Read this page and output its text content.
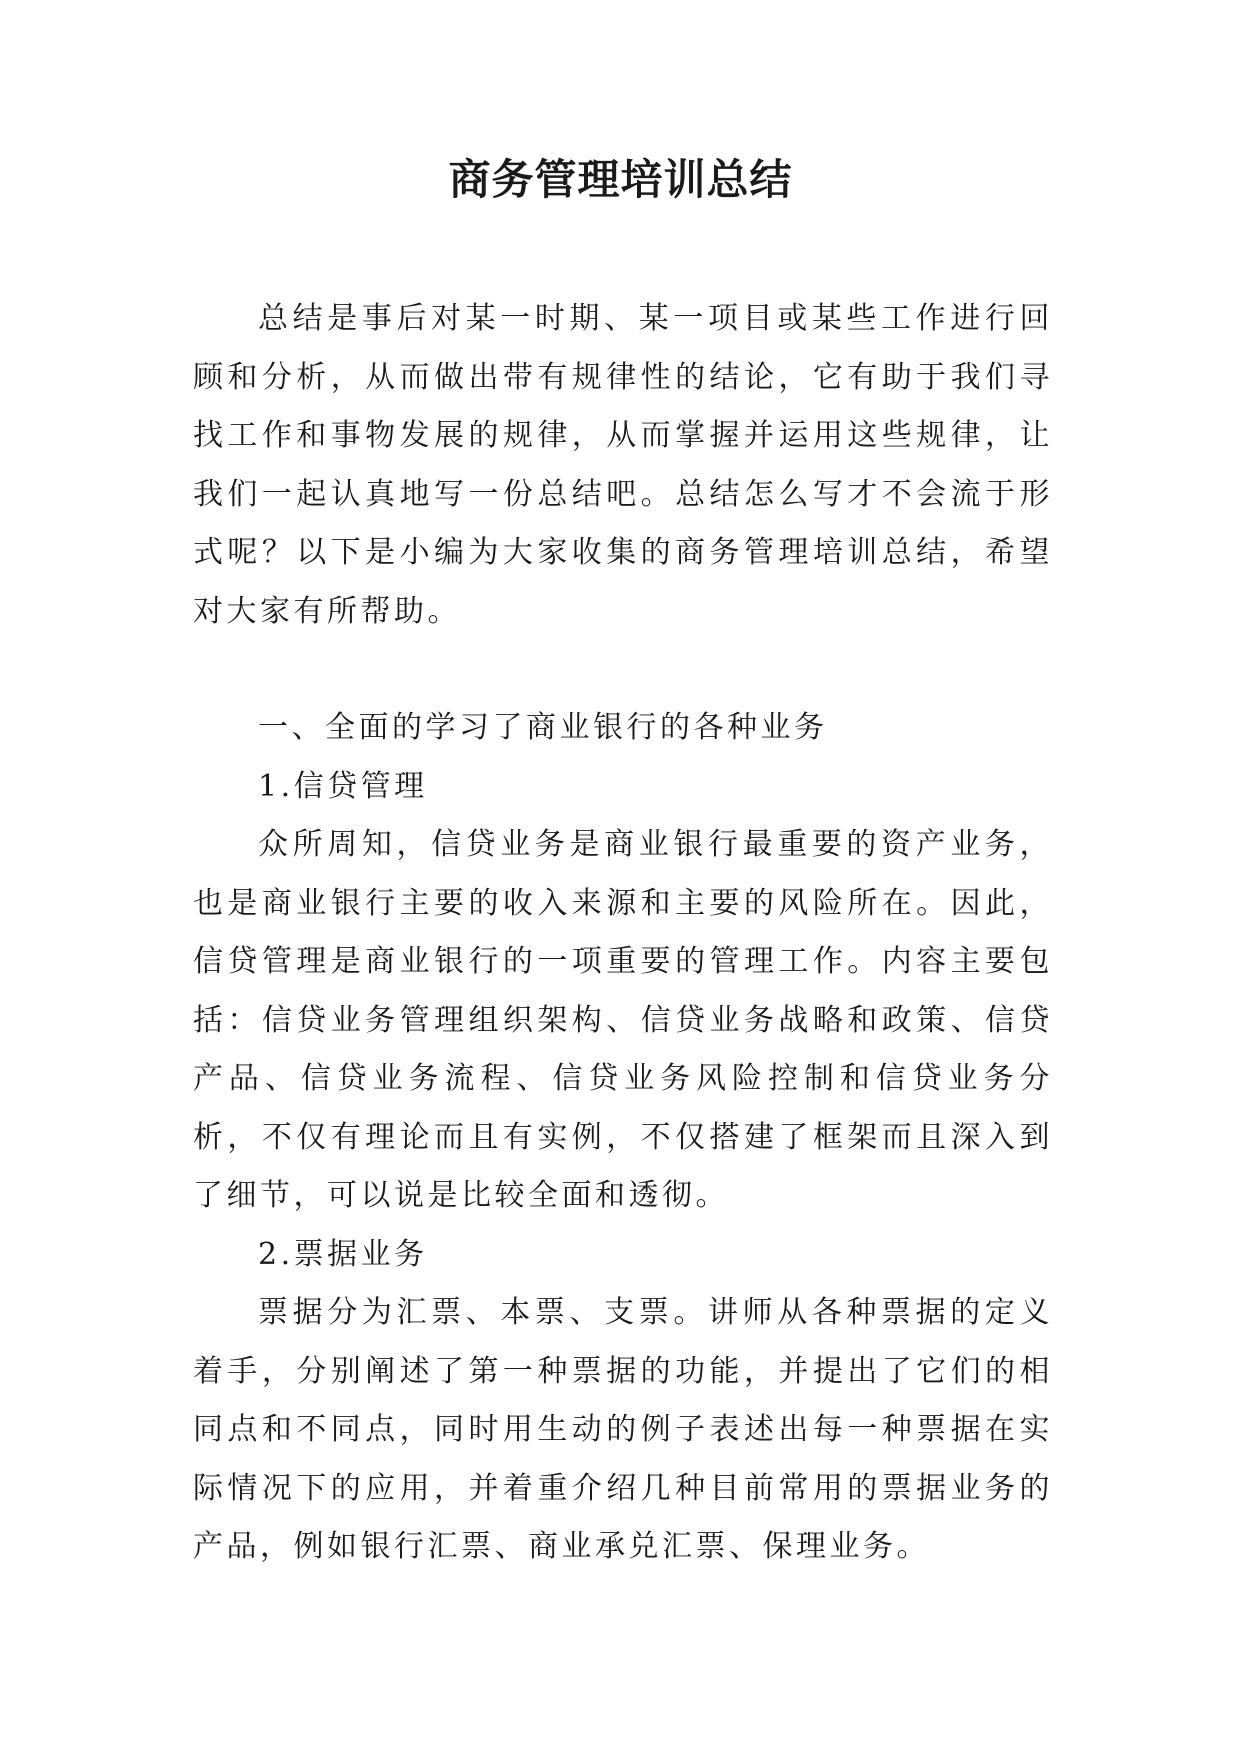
商务管理培训总结

总结是事后对某一时期、某一项目或某些工作进行回顾和分析，从而做出带有规律性的结论，它有助于我们寻找工作和事物发展的规律，从而掌握并运用这些规律，让我们一起认真地写一份总结吧。总结怎么写才不会流于形式呢？以下是小编为大家收集的商务管理培训总结，希望对大家有所帮助。

一、全面的学习了商业银行的各种业务

1.信贷管理

众所周知，信贷业务是商业银行最重要的资产业务，也是商业银行主要的收入来源和主要的风险所在。因此，信贷管理是商业银行的一项重要的管理工作。内容主要包括：信贷业务管理组织架构、信贷业务战略和政策、信贷产品、信贷业务流程、信贷业务风险控制和信贷业务分析，不仅有理论而且有实例，不仅搭建了框架而且深入到了细节，可以说是比较全面和透彻。

2.票据业务

票据分为汇票、本票、支票。讲师从各种票据的定义着手，分别阐述了第一种票据的功能，并提出了它们的相同点和不同点，同时用生动的例子表述出每一种票据在实际情况下的应用，并着重介绍几种目前常用的票据业务的产品，例如银行汇票、商业承兑汇票、保理业务。
